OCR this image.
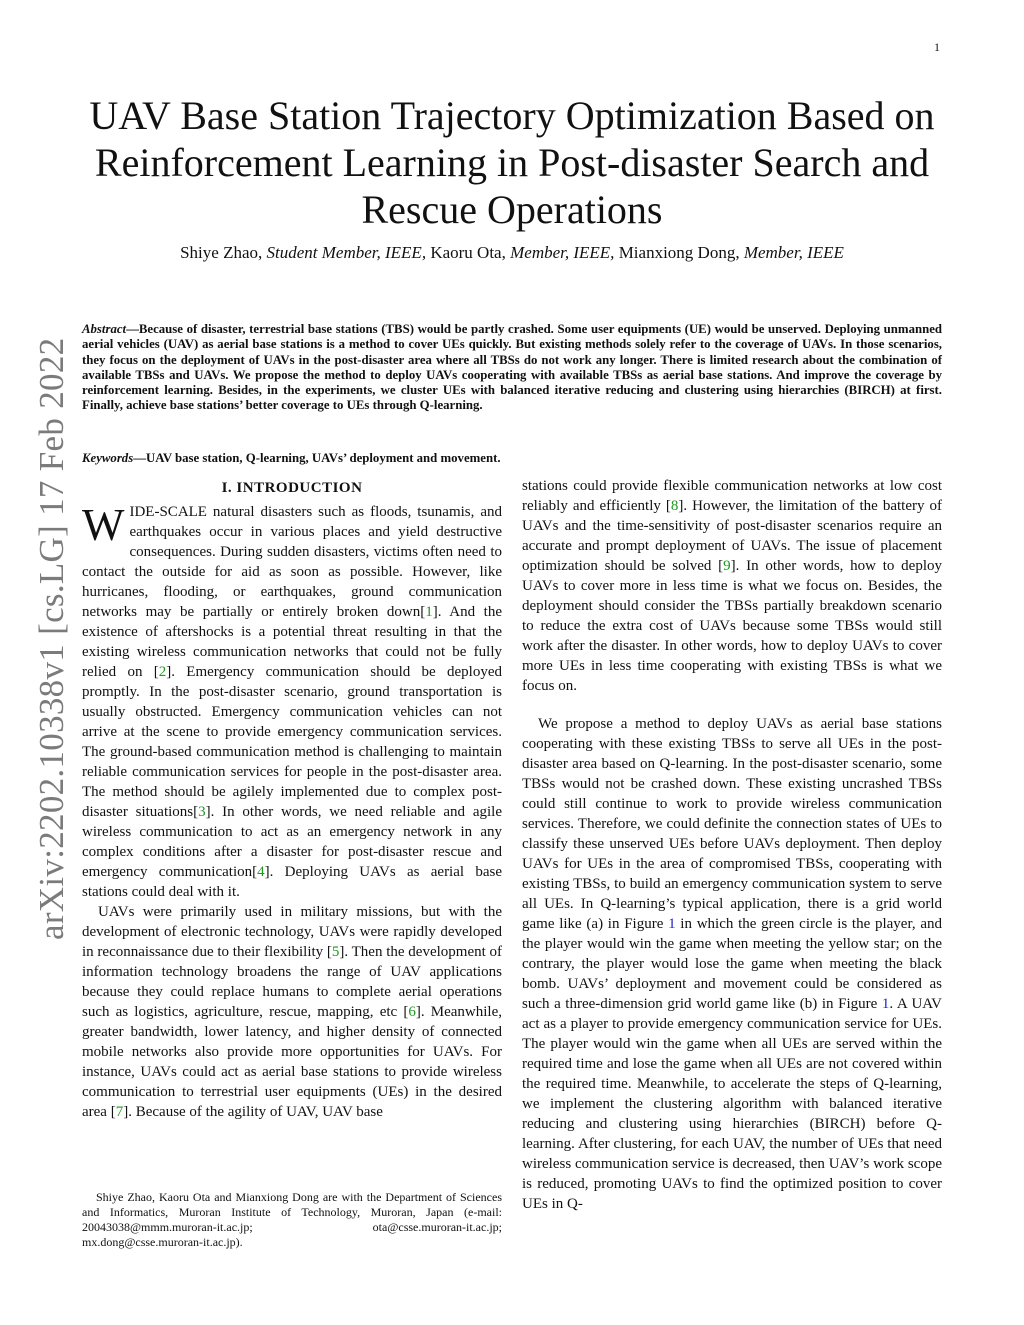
1
arXiv:2202.10338v1 [cs.LG] 17 Feb 2022
UAV Base Station Trajectory Optimization Based on Reinforcement Learning in Post-disaster Search and Rescue Operations
Shiye Zhao, Student Member, IEEE, Kaoru Ota, Member, IEEE, Mianxiong Dong, Member, IEEE

Abstract—Because of disaster, terrestrial base stations (TBS) would be partly crashed. Some user equipments (UE) would be unserved. Deploying unmanned aerial vehicles (UAV) as aerial base stations is a method to cover UEs quickly. But existing methods solely refer to the coverage of UAVs. In those scenarios, they focus on the deployment of UAVs in the post-disaster area where all TBSs do not work any longer. There is limited research about the combination of available TBSs and UAVs. We propose the method to deploy UAVs cooperating with available TBSs as aerial base stations. And improve the coverage by reinforcement learning. Besides, in the experiments, we cluster UEs with balanced iterative reducing and clustering using hierarchies (BIRCH) at first. Finally, achieve base stations’ better coverage to UEs through Q-learning.

Keywords—UAV base station, Q-learning, UAVs’ deployment and movement.

I. INTRODUCTION

WIDE-SCALE natural disasters such as floods, tsunamis, and earthquakes occur in various places and yield destructive consequences. During sudden disasters, victims often need to contact the outside for aid as soon as possible. However, like hurricanes, flooding, or earthquakes, ground communication networks may be partially or entirely broken down[1]. And the existence of aftershocks is a potential threat resulting in that the existing wireless communication networks that could not be fully relied on [2]. Emergency communication should be deployed promptly. In the post-disaster scenario, ground transportation is usually obstructed. Emergency communication vehicles can not arrive at the scene to provide emergency communication services. The ground-based communication method is challenging to maintain reliable communication services for people in the post-disaster area. The method should be agilely implemented due to complex post-disaster situations[3]. In other words, we need reliable and agile wireless communication to act as an emergency network in any complex conditions after a disaster for post-disaster rescue and emergency communication[4]. Deploying UAVs as aerial base stations could deal with it.

UAVs were primarily used in military missions, but with the development of electronic technology, UAVs were rapidly developed in reconnaissance due to their flexibility [5]. Then the development of information technology broadens the range of UAV applications because they could replace humans to complete aerial operations such as logistics, agriculture, rescue, mapping, etc [6]. Meanwhile, greater bandwidth, lower latency, and higher density of connected mobile networks also provide more opportunities for UAVs. For instance, UAVs could act as aerial base stations to provide wireless communication to terrestrial user equipments (UEs) in the desired area [7]. Because of the agility of UAV, UAV base

Shiye Zhao, Kaoru Ota and Mianxiong Dong are with the Department of Sciences and Informatics, Muroran Institute of Technology, Muroran, Japan (e-mail: 20043038@mmm.muroran-it.ac.jp; ota@csse.muroran-it.ac.jp; mx.dong@csse.muroran-it.ac.jp).

stations could provide flexible communication networks at low cost reliably and efficiently [8]. However, the limitation of the battery of UAVs and the time-sensitivity of post-disaster scenarios require an accurate and prompt deployment of UAVs. The issue of placement optimization should be solved [9]. In other words, how to deploy UAVs to cover more in less time is what we focus on. Besides, the deployment should consider the TBSs partially breakdown scenario to reduce the extra cost of UAVs because some TBSs would still work after the disaster. In other words, how to deploy UAVs to cover more UEs in less time cooperating with existing TBSs is what we focus on.

We propose a method to deploy UAVs as aerial base stations cooperating with these existing TBSs to serve all UEs in the post-disaster area based on Q-learning. In the post-disaster scenario, some TBSs would not be crashed down. These existing uncrashed TBSs could still continue to work to provide wireless communication services. Therefore, we could definite the connection states of UEs to classify these unserved UEs before UAVs deployment. Then deploy UAVs for UEs in the area of compromised TBSs, cooperating with existing TBSs, to build an emergency communication system to serve all UEs. In Q-learning’s typical application, there is a grid world game like (a) in Figure 1 in which the green circle is the player, and the player would win the game when meeting the yellow star; on the contrary, the player would lose the game when meeting the black bomb. UAVs’ deployment and movement could be considered as such a three-dimension grid world game like (b) in Figure 1. A UAV act as a player to provide emergency communication service for UEs. The player would win the game when all UEs are served within the required time and lose the game when all UEs are not covered within the required time. Meanwhile, to accelerate the steps of Q-learning, we implement the clustering algorithm with balanced iterative reducing and clustering using hierarchies (BIRCH) before Q-learning. After clustering, for each UAV, the number of UEs that need wireless communication service is decreased, then UAV’s work scope is reduced, promoting UAVs to find the optimized position to cover UEs in Q-
